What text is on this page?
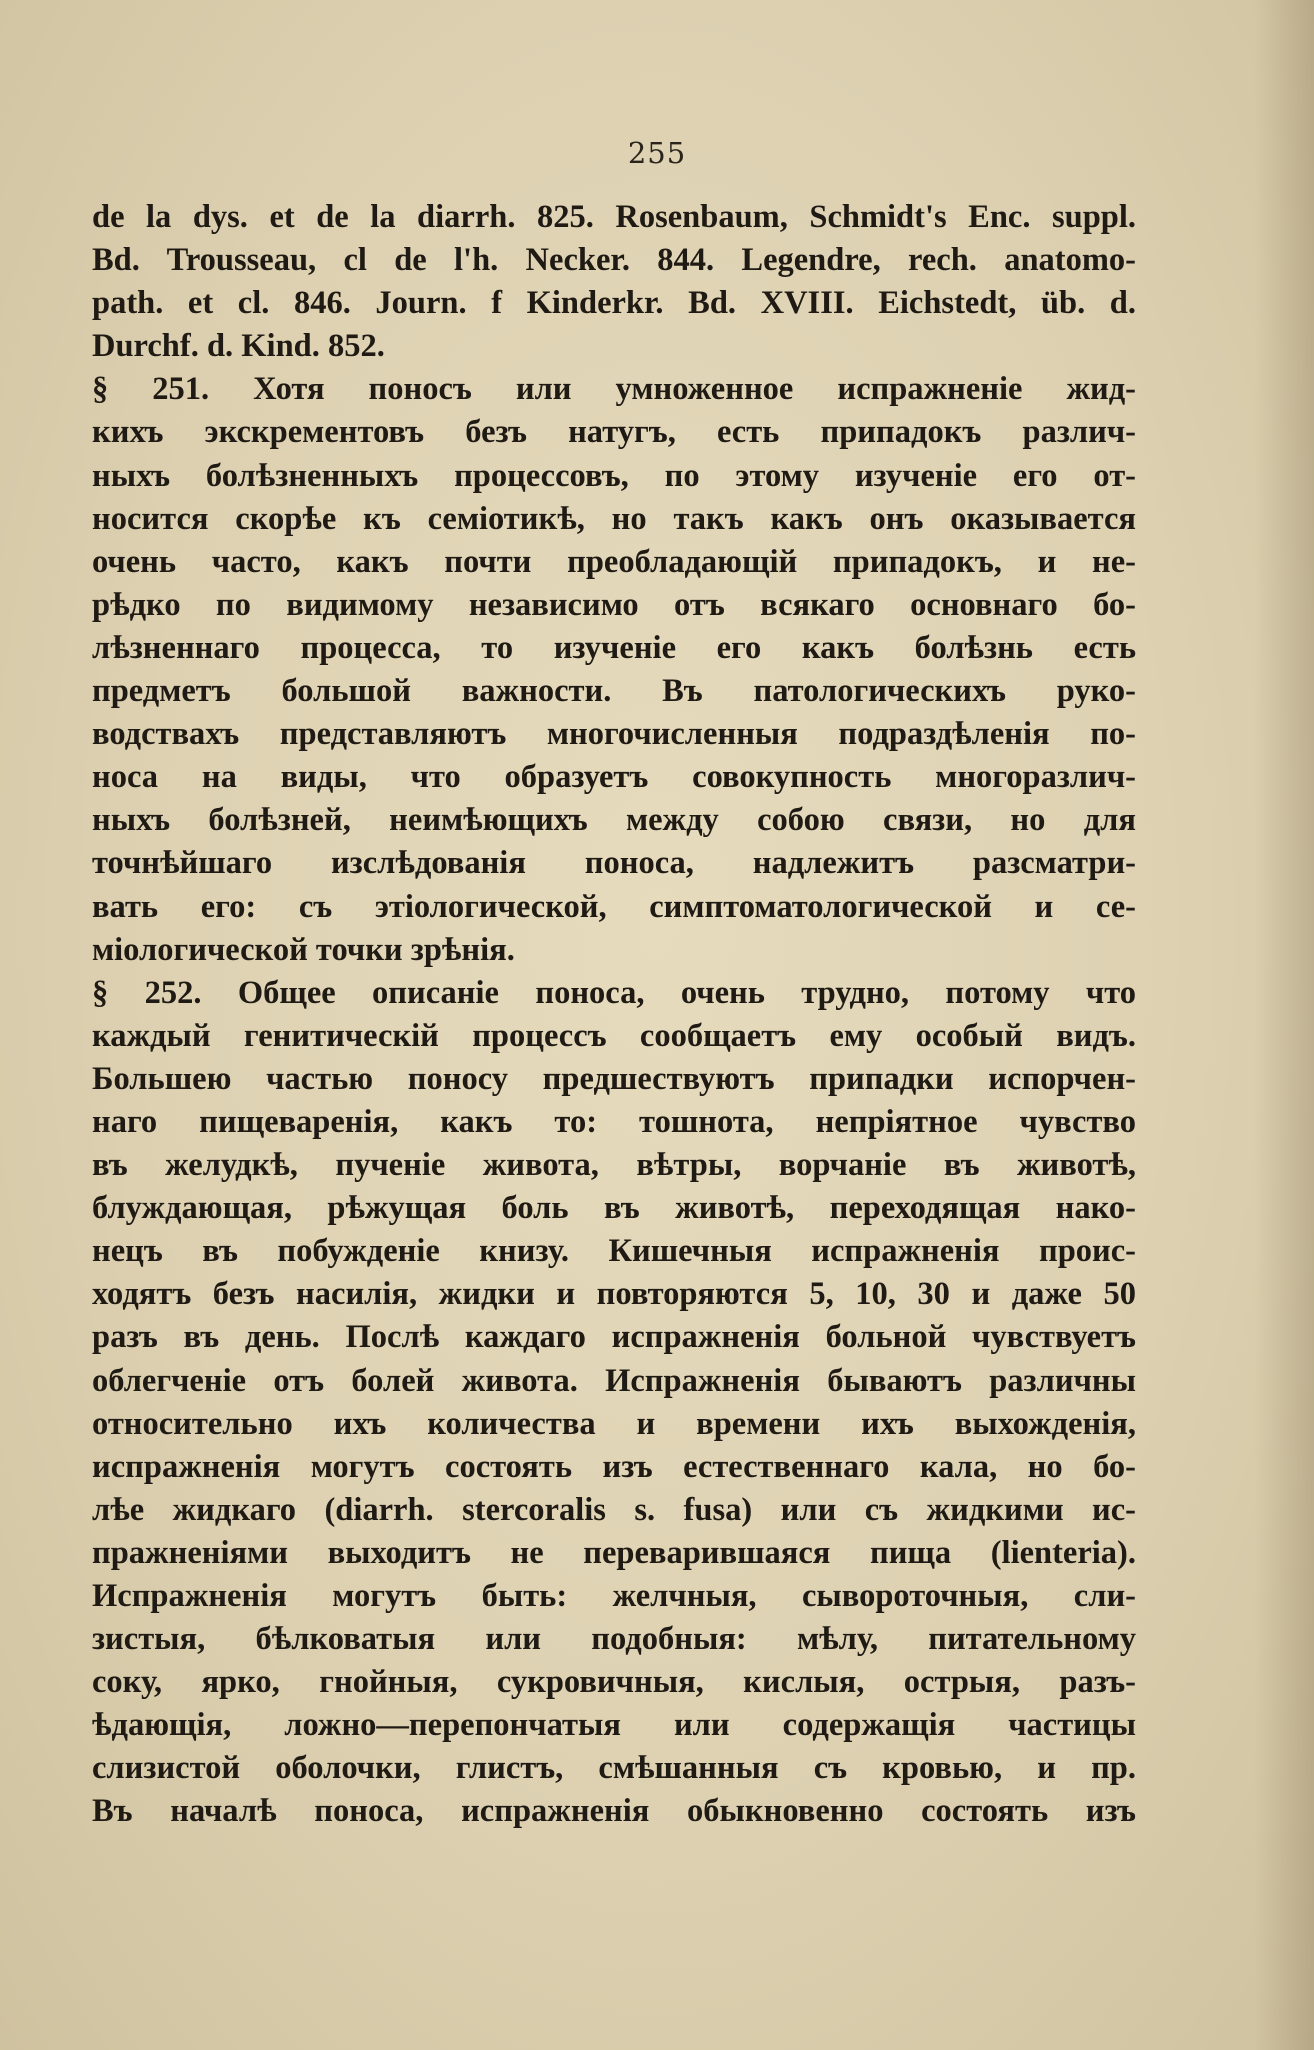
255
de la dys. et de la diarrh. 825. Rosenbaum, Schmidt's Enc. suppl.
Bd. Trousseau, cl de l'h. Necker. 844. Legendre, rech. anatomo-
path. et cl. 846. Journ. f Kinderkr. Bd. XVIII. Eichstedt, üb. d.
Durchf. d. Kind. 852.
§ 251. Хотя поносъ или умноженное испражненіе жид-
кихъ экскрементовъ безъ натугъ, есть припадокъ различ-
ныхъ болѣзненныхъ процессовъ, по этому изученіе его от-
носится скорѣе къ семіотикѣ, но такъ какъ онъ оказывается
очень часто, какъ почти преобладающій припадокъ, и не-
рѣдко по видимому независимо отъ всякаго основнаго бо-
лѣзненнаго процесса, то изученіе его какъ болѣзнь есть
предметъ большой важности. Въ патологическихъ руко-
водствахъ представляютъ многочисленныя подраздѣленія по-
носа на виды, что образуетъ совокупность многоразлич-
ныхъ болѣзней, неимѣющихъ между собою связи, но для
точнѣйшаго изслѣдованія поноса, надлежитъ разсматри-
вать его: съ этіологической, симптоматологической и се-
міологической точки зрѣнія.
§ 252. Общее описаніе поноса, очень трудно, потому что
каждый генитическій процессъ сообщаетъ ему особый видъ.
Большею частью поносу предшествуютъ припадки испорчен-
наго пищеваренія, какъ то: тошнота, непріятное чувство
въ желудкѣ, пученіе живота, вѣтры, ворчаніе въ животѣ,
блуждающая, рѣжущая боль въ животѣ, переходящая нако-
нецъ въ побужденіе книзу. Кишечныя испражненія проис-
ходятъ безъ насилія, жидки и повторяются 5, 10, 30 и даже 50
разъ въ день. Послѣ каждаго испражненія больной чувствуетъ
облегченіе отъ болей живота. Испражненія бываютъ различны
относительно ихъ количества и времени ихъ выхожденія,
испражненія могутъ состоять изъ естественнаго кала, но бо-
лѣе жидкаго (diarrh. stercoralis s. fusa) или съ жидкими ис-
пражненіями выходитъ не переварившаяся пища (lienteria).
Испражненія могутъ быть: желчныя, сывороточныя, сли-
зистыя, бѣлковатыя или подобныя: мѣлу, питательному
соку, ярко, гнойныя, сукровичныя, кислыя, острыя, разъ-
ѣдающія, ложно—перепончатыя или содержащія частицы
слизистой оболочки, глистъ, смѣшанныя съ кровью, и пр.
Въ началѣ поноса, испражненія обыкновенно состоять изъ
